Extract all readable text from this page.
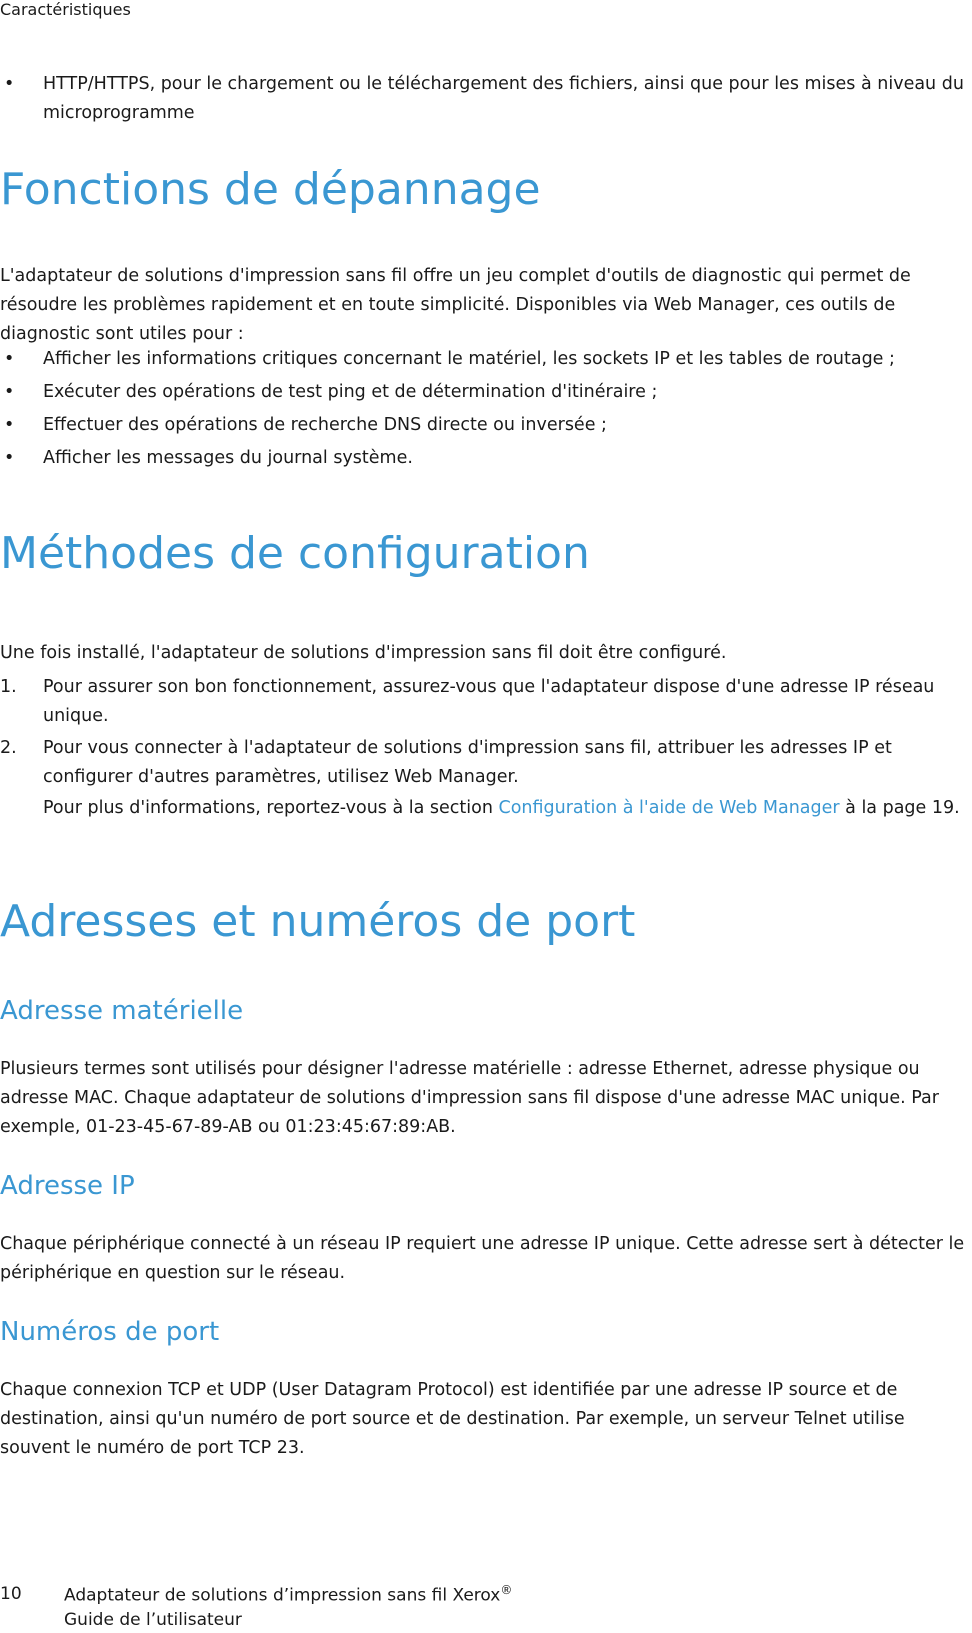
Caractéristiques
• HTTP/HTTPS, pour le chargement ou le téléchargement des fichiers, ainsi que pour les mises à niveau du microprogramme
Fonctions de dépannage
L'adaptateur de solutions d'impression sans fil offre un jeu complet d'outils de diagnostic qui permet de résoudre les problèmes rapidement et en toute simplicité. Disponibles via Web Manager, ces outils de diagnostic sont utiles pour :
• Afficher les informations critiques concernant le matériel, les sockets IP et les tables de routage ;
• Exécuter des opérations de test ping et de détermination d'itinéraire ;
• Effectuer des opérations de recherche DNS directe ou inversée ;
• Afficher les messages du journal système.
Méthodes de configuration
Une fois installé, l'adaptateur de solutions d'impression sans fil doit être configuré.
1. Pour assurer son bon fonctionnement, assurez-vous que l'adaptateur dispose d'une adresse IP réseau unique.
2. Pour vous connecter à l'adaptateur de solutions d'impression sans fil, attribuer les adresses IP et configurer d'autres paramètres, utilisez Web Manager.
Pour plus d'informations, reportez-vous à la section Configuration à l'aide de Web Manager à la page 19.
Adresses et numéros de port
Adresse matérielle
Plusieurs termes sont utilisés pour désigner l'adresse matérielle : adresse Ethernet, adresse physique ou adresse MAC. Chaque adaptateur de solutions d'impression sans fil dispose d'une adresse MAC unique. Par exemple, 01-23-45-67-89-AB ou 01:23:45:67:89:AB.
Adresse IP
Chaque périphérique connecté à un réseau IP requiert une adresse IP unique. Cette adresse sert à détecter le périphérique en question sur le réseau.
Numéros de port
Chaque connexion TCP et UDP (User Datagram Protocol) est identifiée par une adresse IP source et de destination, ainsi qu'un numéro de port source et de destination. Par exemple, un serveur Telnet utilise souvent le numéro de port TCP 23.
10 Adaptateur de solutions d’impression sans fil Xerox®
Guide de l’utilisateur
